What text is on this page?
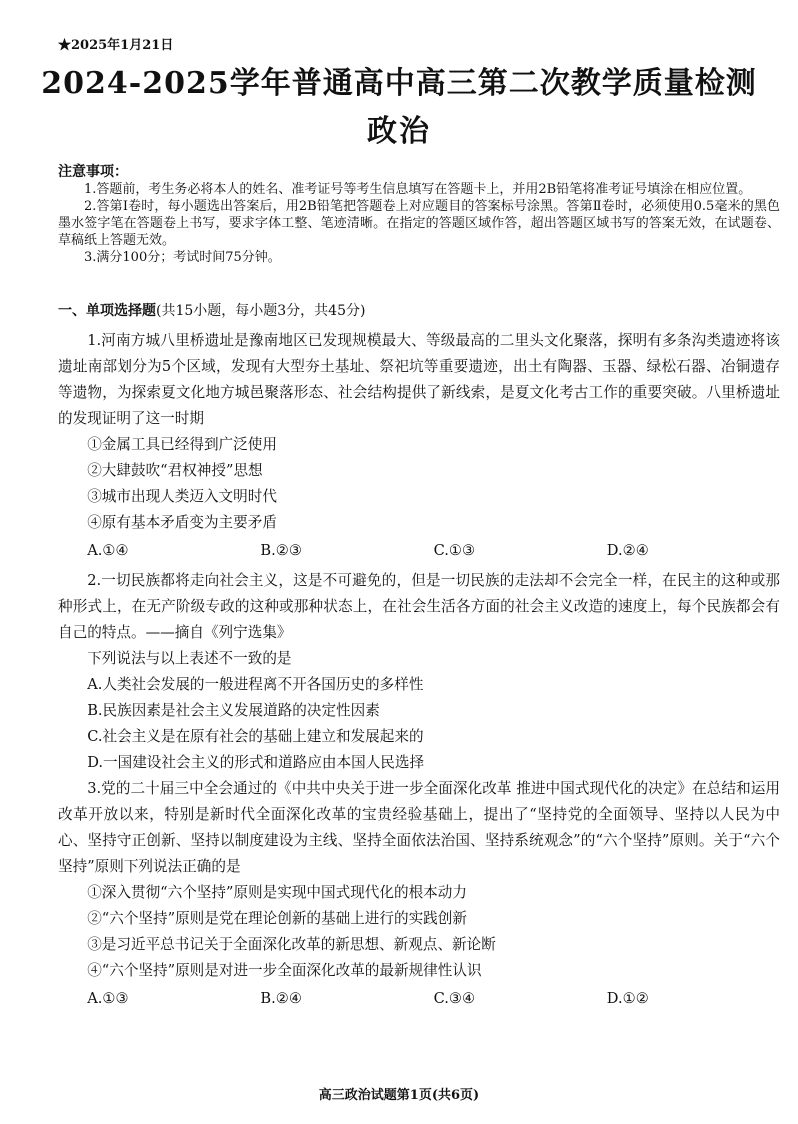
★2025年1月21日
2024-2025学年普通高中高三第二次教学质量检测
政治
注意事项：

1.答题前，考生务必将本人的姓名、准考证号等考生信息填写在答题卡上，并用2B铅笔将准考证号填涂在相应位置。

2.答第Ⅰ卷时，每小题选出答案后，用2B铅笔把答题卷上对应题目的答案标号涂黑。答第Ⅱ卷时，必须使用0.5毫米的黑色墨水签字笔在答题卷上书写，要求字体工整、笔迹清晰。在指定的答题区域作答，超出答题区域书写的答案无效，在试题卷、草稿纸上答题无效。

3.满分100分；考试时间75分钟。

一、单项选择题(共15小题，每小题3分，共45分)

1.河南方城八里桥遗址是豫南地区已发现规模最大、等级最高的二里头文化聚落，探明有多条沟类遗迹将该遗址南部划分为5个区域，发现有大型夯土基址、祭祀坑等重要遗迹，出土有陶器、玉器、绿松石器、冶铜遗存等遗物，为探索夏文化地方城邑聚落形态、社会结构提供了新线索，是夏文化考古工作的重要突破。八里桥遗址的发现证明了这一时期

①金属工具已经得到广泛使用

②大肆鼓吹“君权神授”思想

③城市出现人类迈入文明时代

④原有基本矛盾变为主要矛盾

A.①④	B.②③	C.①③	D.②④

2.一切民族都将走向社会主义，这是不可避免的，但是一切民族的走法却不会完全一样，在民主的这种或那种形式上，在无产阶级专政的这种或那种状态上，在社会生活各方面的社会主义改造的速度上，每个民族都会有自己的特点。——摘自《列宁选集》

下列说法与以上表述不一致的是

A.人类社会发展的一般进程离不开各国历史的多样性

B.民族因素是社会主义发展道路的决定性因素

C.社会主义是在原有社会的基础上建立和发展起来的

D.一国建设社会主义的形式和道路应由本国人民选择

3.党的二十届三中全会通过的《中共中央关于进一步全面深化改革 推进中国式现代化的决定》在总结和运用改革开放以来，特别是新时代全面深化改革的宝贵经验基础上，提出了“坚持党的全面领导、坚持以人民为中心、坚持守正创新、坚持以制度建设为主线、坚持全面依法治国、坚持系统观念”的“六个坚持”原则。关于“六个坚持”原则下列说法正确的是

①深入贯彻“六个坚持”原则是实现中国式现代化的根本动力

②“六个坚持”原则是党在理论创新的基础上进行的实践创新

③是习近平总书记关于全面深化改革的新思想、新观点、新论断

④“六个坚持”原则是对进一步全面深化改革的最新规律性认识

A.①③	B.②④	C.③④	D.①②
高三政治试题第1页(共6页)
